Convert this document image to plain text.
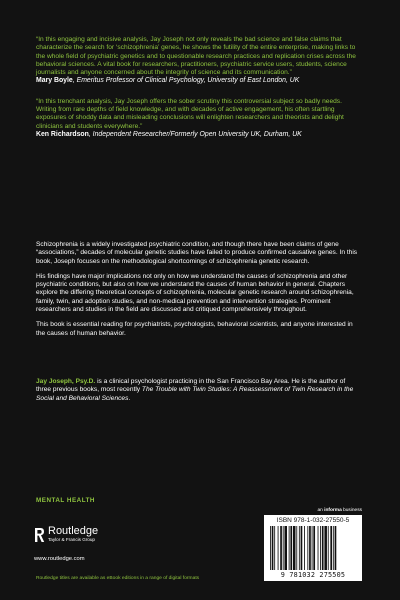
“In this engaging and incisive analysis, Jay Joseph not only reveals the bad science and false claims that characterize the search for ‘schizophrenia’ genes, he shows the futility of the entire enterprise, making links to the whole field of psychiatric genetics and to questionable research practices and replication crises across the behavioral sciences. A vital book for researchers, practitioners, psychiatric service users, students, science journalists and anyone concerned about the integrity of science and its communication.”

Mary Boyle, Emeritus Professor of Clinical Psychology, University of East London, UK

“In this trenchant analysis, Jay Joseph offers the sober scrutiny this controversial subject so badly needs. Writing from rare depths of field knowledge, and with decades of active engagement, his often startling exposures of shoddy data and misleading conclusions will enlighten researchers and theorists and delight clinicians and students everywhere.”

Ken Richardson, Independent Researcher/Formerly Open University UK, Durham, UK

Schizophrenia is a widely investigated psychiatric condition, and though there have been claims of gene “associations,” decades of molecular genetic studies have failed to produce confirmed causative genes. In this book, Joseph focuses on the methodological shortcomings of schizophrenia genetic research.

His findings have major implications not only on how we understand the causes of schizophrenia and other psychiatric conditions, but also on how we understand the causes of human behavior in general. Chapters explore the differing theoretical concepts of schizophrenia, molecular genetic research around schizophrenia, family, twin, and adoption studies, and non-medical prevention and intervention strategies. Prominent researchers and studies in the field are discussed and critiqued comprehensively throughout.

This book is essential reading for psychiatrists, psychologists, behavioral scientists, and anyone interested in the causes of human behavior.

Jay Joseph, Psy.D. is a clinical psychologist practicing in the San Francisco Bay Area. He is the author of three previous books, most recently The Trouble with Twin Studies: A Reassessment of Twin Research in the Social and Behavioral Sciences.

MENTAL HEALTH

Routledge
Taylor & Francis Group

www.routledge.com

Routledge titles are available as eBook editions in a range of digital formats

an informa business

ISBN 978-1-032-27550-5

9 781032 275505
